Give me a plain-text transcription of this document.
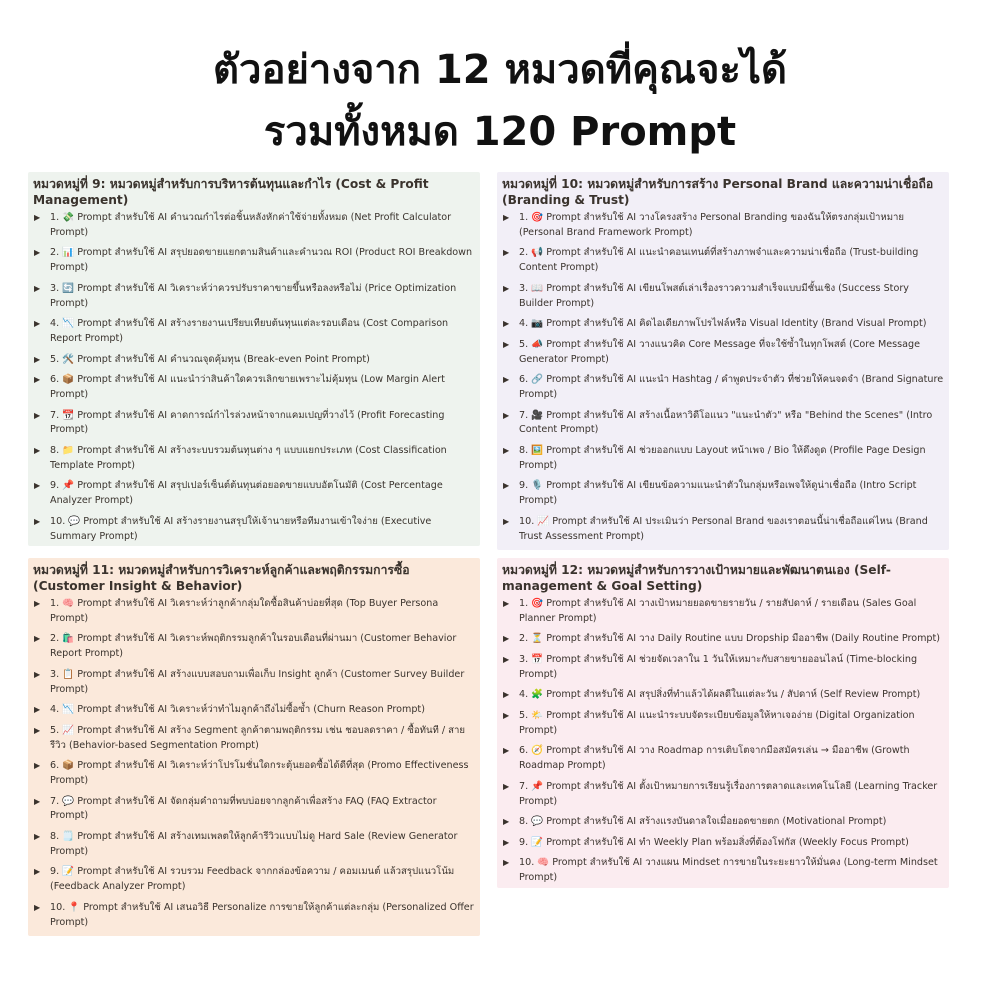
ตัวอย่างจาก 12 หมวดที่คุณจะได้
รวมทั้งหมด 120 Prompt
หมวดหมู่ที่ 9: หมวดหมู่สำหรับการบริหารต้นทุนและกำไร (Cost & Profit Management)
▶	1. 💸 Prompt สำหรับใช้ AI คำนวณกำไรต่อชิ้นหลังหักค่าใช้จ่ายทั้งหมด (Net Profit Calculator Prompt)
▶	2. 📊 Prompt สำหรับใช้ AI สรุปยอดขายแยกตามสินค้าและคำนวณ ROI (Product ROI Breakdown Prompt)
▶	3. 🔄 Prompt สำหรับใช้ AI วิเคราะห์ว่าควรปรับราคาขายขึ้นหรือลงหรือไม่ (Price Optimization Prompt)
▶	4. 📉 Prompt สำหรับใช้ AI สร้างรายงานเปรียบเทียบต้นทุนแต่ละรอบเดือน (Cost Comparison Report Prompt)
▶	5. 🛠️ Prompt สำหรับใช้ AI คำนวณจุดคุ้มทุน (Break-even Point Prompt)
▶	6. 📦 Prompt สำหรับใช้ AI แนะนำว่าสินค้าใดควรเลิกขายเพราะไม่คุ้มทุน (Low Margin Alert Prompt)
▶	7. 📆 Prompt สำหรับใช้ AI คาดการณ์กำไรล่วงหน้าจากแคมเปญที่วางไว้ (Profit Forecasting Prompt)
▶	8. 📁 Prompt สำหรับใช้ AI สร้างระบบรวมต้นทุนต่าง ๆ แบบแยกประเภท (Cost Classification Template Prompt)
▶	9. 📌 Prompt สำหรับใช้ AI สรุปเปอร์เซ็นต์ต้นทุนต่อยอดขายแบบอัตโนมัติ (Cost Percentage Analyzer Prompt)
▶	10. 💬 Prompt สำหรับใช้ AI สร้างรายงานสรุปให้เจ้านายหรือทีมงานเข้าใจง่าย (Executive Summary Prompt)
หมวดหมู่ที่ 10: หมวดหมู่สำหรับการสร้าง Personal Brand และความน่าเชื่อถือ (Branding & Trust)
▶	1. 🎯 Prompt สำหรับใช้ AI วางโครงสร้าง Personal Branding ของฉันให้ตรงกลุ่มเป้าหมาย (Personal Brand Framework Prompt)
▶	2. 📢 Prompt สำหรับใช้ AI แนะนำคอนเทนต์ที่สร้างภาพจำและความน่าเชื่อถือ (Trust-building Content Prompt)
▶	3. 📖 Prompt สำหรับใช้ AI เขียนโพสต์เล่าเรื่องราวความสำเร็จแบบมีชั้นเชิง (Success Story Builder Prompt)
▶	4. 📷 Prompt สำหรับใช้ AI คิดไอเดียภาพโปรไฟล์หรือ Visual Identity (Brand Visual Prompt)
▶	5. 📣 Prompt สำหรับใช้ AI วางแนวคิด Core Message ที่จะใช้ซ้ำในทุกโพสต์ (Core Message Generator Prompt)
▶	6. 🔗 Prompt สำหรับใช้ AI แนะนำ Hashtag / คำพูดประจำตัว ที่ช่วยให้คนจดจำ (Brand Signature Prompt)
▶	7. 🎥 Prompt สำหรับใช้ AI สร้างเนื้อหาวิดีโอแนว "แนะนำตัว" หรือ "Behind the Scenes" (Intro Content Prompt)
▶	8. 🖼️ Prompt สำหรับใช้ AI ช่วยออกแบบ Layout หน้าเพจ / Bio ให้ดึงดูด (Profile Page Design Prompt)
▶	9. 🎙️ Prompt สำหรับใช้ AI เขียนข้อความแนะนำตัวในกลุ่มหรือเพจให้ดูน่าเชื่อถือ (Intro Script Prompt)
▶	10. 📈 Prompt สำหรับใช้ AI ประเมินว่า Personal Brand ของเราตอนนี้น่าเชื่อถือแค่ไหน (Brand Trust Assessment Prompt)
หมวดหมู่ที่ 11: หมวดหมู่สำหรับการวิเคราะห์ลูกค้าและพฤติกรรมการซื้อ (Customer Insight & Behavior)
▶	1. 🧠 Prompt สำหรับใช้ AI วิเคราะห์ว่าลูกค้ากลุ่มใดซื้อสินค้าบ่อยที่สุด (Top Buyer Persona Prompt)
▶	2. 🛍️ Prompt สำหรับใช้ AI วิเคราะห์พฤติกรรมลูกค้าในรอบเดือนที่ผ่านมา (Customer Behavior Report Prompt)
▶	3. 📋 Prompt สำหรับใช้ AI สร้างแบบสอบถามเพื่อเก็บ Insight ลูกค้า (Customer Survey Builder Prompt)
▶	4. 📉 Prompt สำหรับใช้ AI วิเคราะห์ว่าทำไมลูกค้าถึงไม่ซื้อซ้ำ (Churn Reason Prompt)
▶	5. 📈 Prompt สำหรับใช้ AI สร้าง Segment ลูกค้าตามพฤติกรรม เช่น ชอบลดราคา / ซื้อทันที / สายรีวิว (Behavior-based Segmentation Prompt)
▶	6. 📦 Prompt สำหรับใช้ AI วิเคราะห์ว่าโปรโมชั่นใดกระตุ้นยอดซื้อได้ดีที่สุด (Promo Effectiveness Prompt)
▶	7. 💬 Prompt สำหรับใช้ AI จัดกลุ่มคำถามที่พบบ่อยจากลูกค้าเพื่อสร้าง FAQ (FAQ Extractor Prompt)
▶	8. 🗒️ Prompt สำหรับใช้ AI สร้างเทมเพลตให้ลูกค้ารีวิวแบบไม่ดู Hard Sale (Review Generator Prompt)
▶	9. 📝 Prompt สำหรับใช้ AI รวบรวม Feedback จากกล่องข้อความ / คอมเมนต์ แล้วสรุปแนวโน้ม (Feedback Analyzer Prompt)
▶	10. 📍 Prompt สำหรับใช้ AI เสนอวิธี Personalize การขายให้ลูกค้าแต่ละกลุ่ม (Personalized Offer Prompt)
หมวดหมู่ที่ 12: หมวดหมู่สำหรับการวางเป้าหมายและพัฒนาตนเอง (Self-management & Goal Setting)
▶	1. 🎯 Prompt สำหรับใช้ AI วางเป้าหมายยอดขายรายวัน / รายสัปดาห์ / รายเดือน (Sales Goal Planner Prompt)
▶	2. ⏳ Prompt สำหรับใช้ AI วาง Daily Routine แบบ Dropship มืออาชีพ (Daily Routine Prompt)
▶	3. 📅 Prompt สำหรับใช้ AI ช่วยจัดเวลาใน 1 วันให้เหมาะกับสายขายออนไลน์ (Time-blocking Prompt)
▶	4. 🧩 Prompt สำหรับใช้ AI สรุปสิ่งที่ทำแล้วได้ผลดีในแต่ละวัน / สัปดาห์ (Self Review Prompt)
▶	5. 🌤️ Prompt สำหรับใช้ AI แนะนำระบบจัดระเบียบข้อมูลให้หาเจอง่าย (Digital Organization Prompt)
▶	6. 🧭 Prompt สำหรับใช้ AI วาง Roadmap การเติบโตจากมือสมัครเล่น → มืออาชีพ (Growth Roadmap Prompt)
▶	7. 📌 Prompt สำหรับใช้ AI ตั้งเป้าหมายการเรียนรู้เรื่องการตลาดและเทคโนโลยี (Learning Tracker Prompt)
▶	8. 💬 Prompt สำหรับใช้ AI สร้างแรงบันดาลใจเมื่อยอดขายตก (Motivational Prompt)
▶	9. 📝 Prompt สำหรับใช้ AI ทำ Weekly Plan พร้อมสิ่งที่ต้องโฟกัส (Weekly Focus Prompt)
▶	10. 🧠 Prompt สำหรับใช้ AI วางแผน Mindset การขายในระยะยาวให้มั่นคง (Long-term Mindset Prompt)
